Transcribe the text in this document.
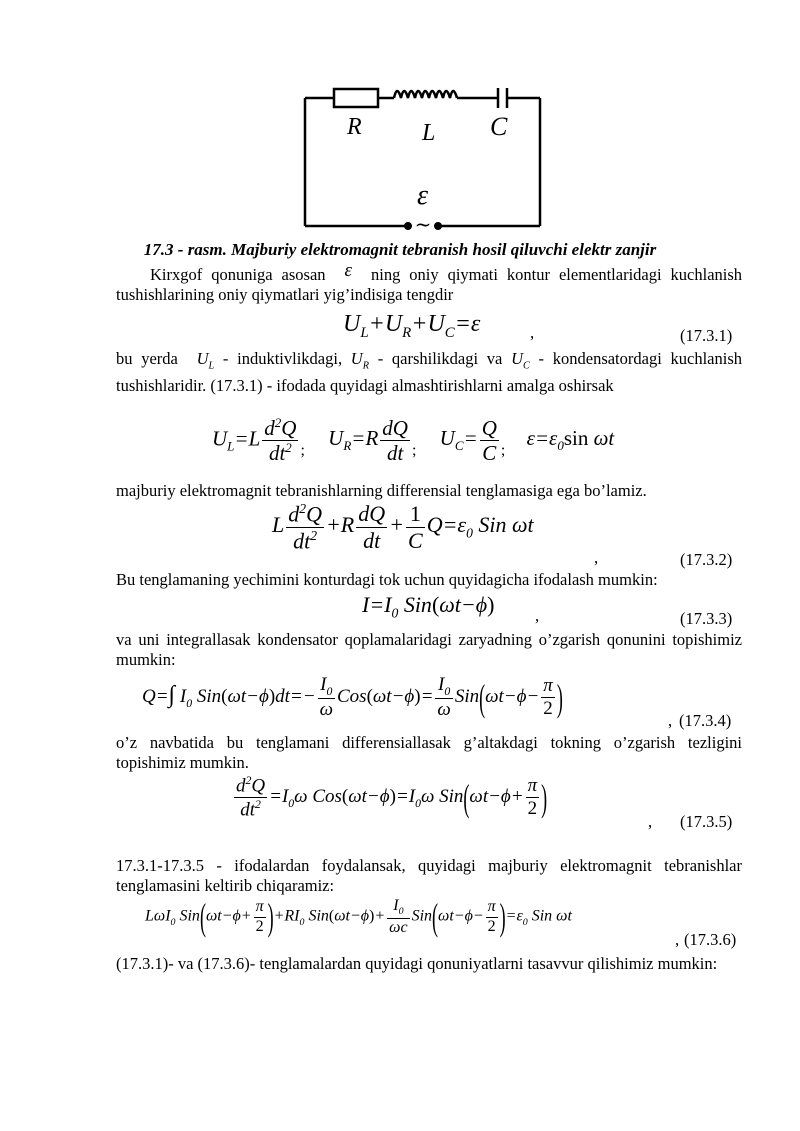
~
R	L C
ε
17.3 - rasm. Majburiy elektromagnit tebranish hosil qiluvchi elektr zanjir
Kirxgof qonuniga asosan ε ning oniy qiymati kontur elementlaridagi kuchlanish tushishlarining oniy qiymatlari yig’indisiga tengdir
$U_L+U_R+U_C=\varepsilon$	,	(17.3.1)
bu yerda $U_L$ - induktivlikdagi, $U_R$ - qarshilikdagi va $U_C$ - kondensatordagi kuchlanish tushishlaridir. (17.3.1) - ifodada quyidagi almashtirishlarni amalga oshirsak
$U_L=L \frac{d^2Q}{dt^2} _;$ $U_R=R \frac{dQ}{dt} _;$ $U_C= \frac{Q}{C} _;$ $\varepsilon=\varepsilon_0\sin$ ωt
majburiy elektromagnit tebranishlarning differensial tenglamasiga ega bo’lamiz.
L $\frac{d^2Q}{dt^2} +R \frac{dQ}{dt} + \frac{1}{C} Q=\varepsilon_0$ Sin ωt
,	(17.3.2)
Bu tenglamaning yechimini konturdagi tok uchun quyidagicha ifodalash mumkin:
$I=I_0$ Sin(ωt−ϕ) ,	(17.3.3)
va uni integrallasak kondensator qoplamalaridagi zaryadning o’zgarish qonunini topishimiz mumkin:
Q=∫ $I_0$ $Sin(\omega t-\phi)dt=- \frac{I_0}{\omega} Cos(\omega t-\phi)= \frac{I_0}{\omega} Sin(\omega t-\phi- \frac{\pi}{2}$ )
, (17.3.4)
o’z navbatida bu tenglamani differensiallasak g’altakdagi tokning o’zgarish tezligini topishimiz mumkin.
$\frac{d^2Q}{dt^2} =I_0\omega$ $Cos(\omega t-\phi)=I_0\omega$ $Sin(\omega t-\phi+ \frac{\pi}{2}$ )
, (17.3.5)
17.3.1-17.3.5 - ifodalardan foydalansak, quyidagi majburiy elektromagnit tebranishlar tenglamasini keltirib chiqaramiz:
LωI$_0$ $Sin(\omega t-\phi+ \frac{\pi}{2} )+RI_0$ $Sin(\omega t-\phi)+ \frac{I_0}{\omega c} Sin(\omega t-\phi- \frac{\pi}{2} )=\varepsilon_0$ Sin ωt
, (17.3.6)
(17.3.1)- va (17.3.6)- tenglamalardan quyidagi qonuniyatlarni tasavvur qilishimiz mumkin:
